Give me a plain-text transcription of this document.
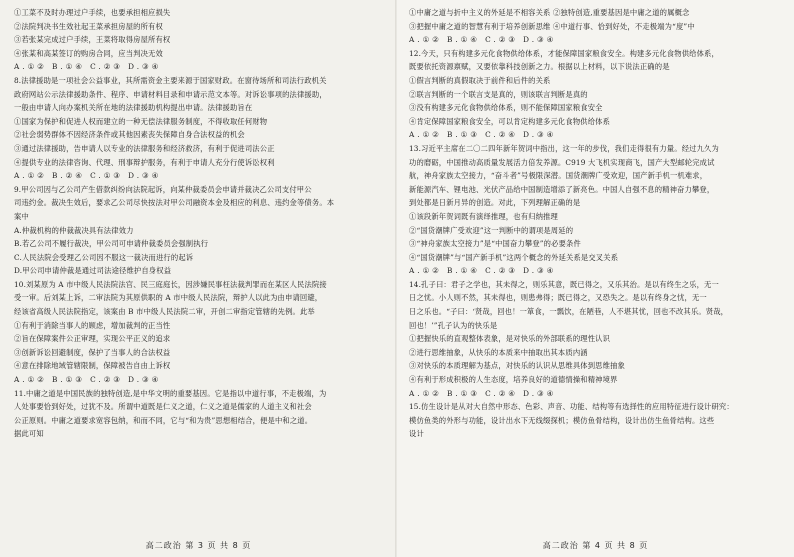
①工菜不及时办理过户手续，也要承担相应损失
②法院判决书生效社起王菜承担房屋的所有权
③若张某完成过户手续，王菜将取得房屋所有权
④张某和高某签订的购房合同，应当判决无效
A.①② B.①④ C.②③ D.③④
8.法律援助是一项社会公益事业，其所需资金主要来源于国家财政。在窗待场所和司法行政机关
政府网站公示法律援助条件、程序、申请材料目录和申请示范文本等。对诉讼事项的法律援助，
一般由申请人向办案机关所在地的法律援助机构提出申请。法律援助旨在
①国家为保护和促进人权而建立的一种无偿法律服务制度，不得收取任何财物
②社会弱势群体不因经济条件或其他因素丧失保障自身合法权益的机会
③通过法律援助，告申请人以专业的法律服务和经济救济，有利于促进司法公正
④提供专业的法律咨询、代理、刑事辩护服务，有利于申请人充分行使诉讼权利
A.①② B.②④ C.①③ D.③④
9.甲公司因与乙公司产生借款纠纷向法院起诉，向某仲裁委员会申请并裁决乙公司支付甲公
司违约金。裁决生效后，要求乙公司尽快按法对甲公司融资本金及相应的利息、违约金等债务。本
案中
A.仲裁机构的仲裁裁决具有法律效力
B.若乙公司不履行裁决，甲公司可申请仲裁委员会强制执行
C.人民法院会受理乙公司因不服这一裁决而进行的起诉
D.甲公司申请仲裁是通过司法途径维护自身权益
10.刘某原为 A 市中级人民法院法官、民三庭庭长，因涉嫌民事枉法裁判罪而在某区人民法院接
受一审。后刘某上诉，二审法院为其原供职的 A 市中级人民法院，辩护人以此为由申请回避，
经该省高级人民法院指定，该案由 B 市中级人民法院二审，开创二审指定管辖的先例。此举
①有利于消除当事人的顾虑，增加裁判的正当性
②旨在保障案件公正审理，实现公平正义的追求
③创新诉讼回避制度，保护了当事人的合法权益
④意在排除地域管辖限制，保障被告自由上诉权
A.①② B.①③ C.②③ D.③④
11.中庸之道是中国民族的独特创造,是中华文明的重要基因。它是指以中道行事，不走极端，为
人处事要恰到好处，过犹不及。所谓中道既是仁义之道，仁义之道是儒家的人道主义和社会
公正原则。中庸之道要求宽容包纳，和而不同，它与“和为贵”思想相结合，便是中和之道。
据此可知
高二政治 第 3 页 共 8 页
①中庸之道与折中主义的外延是不相容关系 ②独特创造,重要基因是中庸之道的属概念
③把握中庸之道的智慧有利于培养创新思维 ④中道行事、恰到好处，不走极端为“度”中
A.①② B.①④ C.②③ D.③④
12.今天，只有构建多元化食物供给体系，才能保障国家粮食安全。构建多元化食物供给体系，
既要依托资源禀赋，又要依靠科技创新之力。根据以上材料，以下说法正确的是
①假言判断的真假取决于前件和后件的关系
②联言判断的一个联言支是真的，则该联言判断是真的
③没有构建多元化食物供给体系，则不能保障国家粮食安全
④肯定保障国家粮食安全，可以肯定构建多元化食物供给体系
A.①② B.①③ C.②④ D.③④
13.习近平主席在二〇二四年新年贺词中指出，这一年的步伐，我们走得很有力量。经过九久为
功的磨砺，中国推动高质量发展活力倍发养源。C919 大飞机实现商飞，国产大型邮轮完成试
航，神舟家族太空接力，“奋斗者”号极限深潜。国货潮牌广受欢迎，国产新手机一机难求，
新能源汽车、锂电池、光伏产品给中国制造增添了新亮色。中国人自强不息的精神奋力攀登，
到处都是日新月异的创造。对此，下列理解正确的是
①该段新年贺词既有演绎推理，也有归纳推理
②“国货潮牌广受欢迎”这一判断中的谓项是周延的
③“神舟家族太空接力”是“中国奋力攀登”的必要条件
④“国货潮牌”与“国产新手机”这两个概念的外延关系是交叉关系
A.①② B.①④ C.②③ D.③④
14.孔子曰：君子之学也，其未得之，则乐其意，既已得之，又乐其治。是以有终生之乐，无一
日之忧。小人则不然，其未得也，则患弗得；既已得之，又恐失之。是以有终身之忧，无一
日之乐也。“子曰：‘贤哉，回也！一箪食，一瓢饮，在陋巷，人不堪其忧，回也不改其乐。贤哉，
回也！’”孔子认为的快乐是
①把握快乐的直观整体表象，是对快乐的外部联系的理性认识
②进行思维抽象，从快乐的本质来中抽取出其本质内涵
③对快乐的本质理解为基点，对快乐的认识从思维具体到思维抽象
④有利于形成积极的人生态度，培养良好的道德情操和精神境界
A.①② B.①③ C.②④ D.③④
15.仿生设计是从对大自然中形态、色彩、声音、功能、结构等有选择性的应用特征进行设计研究：
模仿鱼类的外形与功能，设计出水下无线缀探机；模仿鱼骨结构，设计出仿生鱼骨结构。这些
设计
高二政治 第 4 页 共 8 页
